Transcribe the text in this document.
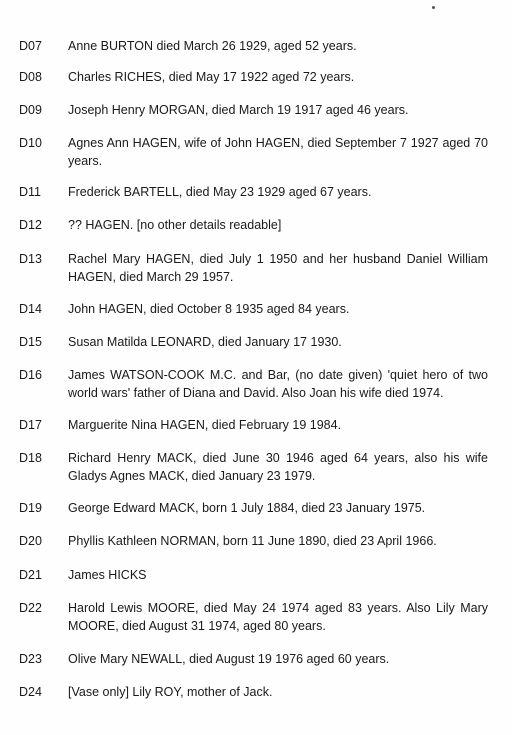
D07 Anne BURTON died March 26 1929, aged 52 years.
D08 Charles RICHES, died May 17 1922 aged 72 years.
D09 Joseph Henry MORGAN, died March 19 1917 aged 46 years.
D10 Agnes Ann HAGEN, wife of John HAGEN, died September 7 1927 aged 70 years.
D11 Frederick BARTELL, died May 23 1929 aged 67 years.
D12 ?? HAGEN. [no other details readable]
D13 Rachel Mary HAGEN, died July 1 1950 and her husband Daniel William HAGEN, died March 29 1957.
D14 John HAGEN, died October 8 1935 aged 84 years.
D15 Susan Matilda LEONARD, died January 17 1930.
D16 James WATSON-COOK M.C. and Bar, (no date given) 'quiet hero of two world wars' father of Diana and David. Also Joan his wife died 1974.
D17 Marguerite Nina HAGEN, died February 19 1984.
D18 Richard Henry MACK, died June 30 1946 aged 64 years, also his wife Gladys Agnes MACK, died January 23 1979.
D19 George Edward MACK, born 1 July 1884, died 23 January 1975.
D20 Phyllis Kathleen NORMAN, born 11 June 1890, died 23 April 1966.
D21 James HICKS
D22 Harold Lewis MOORE, died May 24 1974 aged 83 years. Also Lily Mary MOORE, died August 31 1974, aged 80 years.
D23 Olive Mary NEWALL, died August 19 1976 aged 60 years.
D24 [Vase only] Lily ROY, mother of Jack.
